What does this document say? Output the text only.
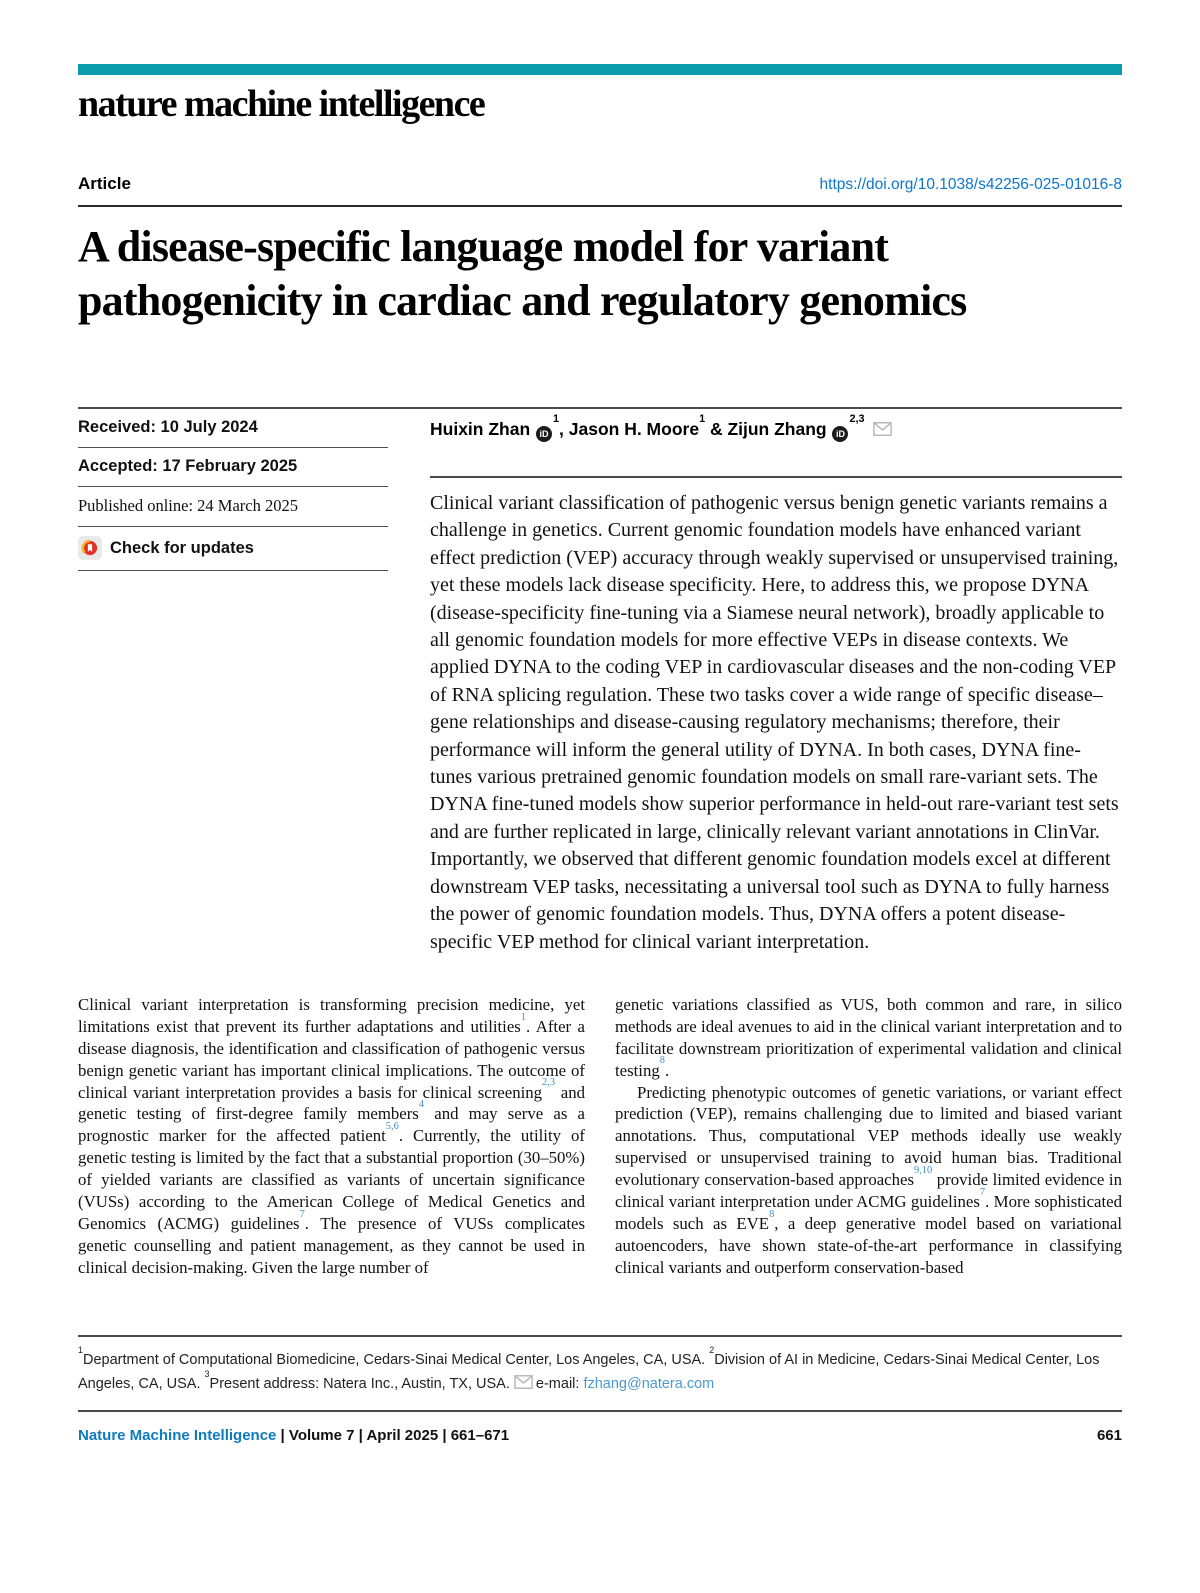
nature machine intelligence
Article	https://doi.org/10.1038/s42256-025-01016-8
A disease-specific language model for variant pathogenicity in cardiac and regulatory genomics
Received: 10 July 2024
Accepted: 17 February 2025
Published online: 24 March 2025
Check for updates
Huixin Zhan iD$^1$, Jason H. Moore$^1$ & Zijun Zhang iD$^{2,3}$
Clinical variant classification of pathogenic versus benign genetic variants remains a challenge in genetics. Current genomic foundation models have enhanced variant effect prediction (VEP) accuracy through weakly supervised or unsupervised training, yet these models lack disease specificity. Here, to address this, we propose DYNA (disease-specificity fine-tuning via a Siamese neural network), broadly applicable to all genomic foundation models for more effective VEPs in disease contexts. We applied DYNA to the coding VEP in cardiovascular diseases and the non-coding VEP of RNA splicing regulation. These two tasks cover a wide range of specific disease–gene relationships and disease-causing regulatory mechanisms; therefore, their performance will inform the general utility of DYNA. In both cases, DYNA fine-tunes various pretrained genomic foundation models on small rare-variant sets. The DYNA fine-tuned models show superior performance in held-out rare-variant test sets and are further replicated in large, clinically relevant variant annotations in ClinVar. Importantly, we observed that different genomic foundation models excel at different downstream VEP tasks, necessitating a universal tool such as DYNA to fully harness the power of genomic foundation models. Thus, DYNA offers a potent disease-specific VEP method for clinical variant interpretation.

Clinical variant interpretation is transforming precision medicine, yet limitations exist that prevent its further adaptations and utilities$^1$. After a disease diagnosis, the identification and classification of pathogenic versus benign genetic variant has important clinical implications. The outcome of clinical variant interpretation provides a basis for clinical screening$^{2,3}$ and genetic testing of first-degree family members$^4$ and may serve as a prognostic marker for the affected patient$^{5,6}$. Currently, the utility of genetic testing is limited by the fact that a substantial proportion (30–50%) of yielded variants are classified as variants of uncertain significance (VUSs) according to the American College of Medical Genetics and Genomics (ACMG) guidelines$^7$. The presence of VUSs complicates genetic counselling and patient management, as they cannot be used in clinical decision-making. Given the large number of

genetic variations classified as VUS, both common and rare, in silico methods are ideal avenues to aid in the clinical variant interpretation and to facilitate downstream prioritization of experimental validation and clinical testing$^8$.

Predicting phenotypic outcomes of genetic variations, or variant effect prediction (VEP), remains challenging due to limited and biased variant annotations. Thus, computational VEP methods ideally use weakly supervised or unsupervised training to avoid human bias. Traditional evolutionary conservation-based approaches$^{9,10}$ provide limited evidence in clinical variant interpretation under ACMG guidelines$^7$. More sophisticated models such as EVE$^8$, a deep generative model based on variational autoencoders, have shown state-of-the-art performance in classifying clinical variants and outperform conservation-based

$^1$Department of Computational Biomedicine, Cedars-Sinai Medical Center, Los Angeles, CA, USA. $^2$Division of AI in Medicine, Cedars-Sinai Medical Center, Los Angeles, CA, USA. $^3$Present address: Natera Inc., Austin, TX, USA. e-mail: fzhang@natera.com
Nature Machine Intelligence | Volume 7 | April 2025 | 661–671	661
